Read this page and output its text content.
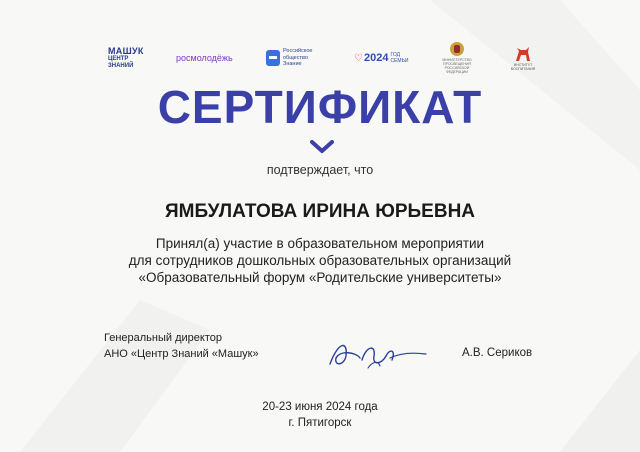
МАШУК
ЦЕНТР ЗНАНИЙ
росмолодёжь
Российское
общество
Знание
♡ 2024 ГОД СЕМЬИ	МИНИСТЕРСТВО ПРОСВЕЩЕНИЯ РОССИЙСКОЙ ФЕДЕРАЦИИ
ИНСТИТУТ ВОСПИТАНИЯ
СЕРТИФИКАТ
подтверждает, что
ЯМБУЛАТОВА ИРИНА ЮРЬЕВНА
Принял(а) участие в образовательном мероприятии
для сотрудников дошкольных образовательных организаций
«Образовательный форум «Родительские университеты»
Генеральный директор
АНО «Центр Знаний «Машук»	А.В. Сериков
20-23 июня 2024 года
г. Пятигорск
